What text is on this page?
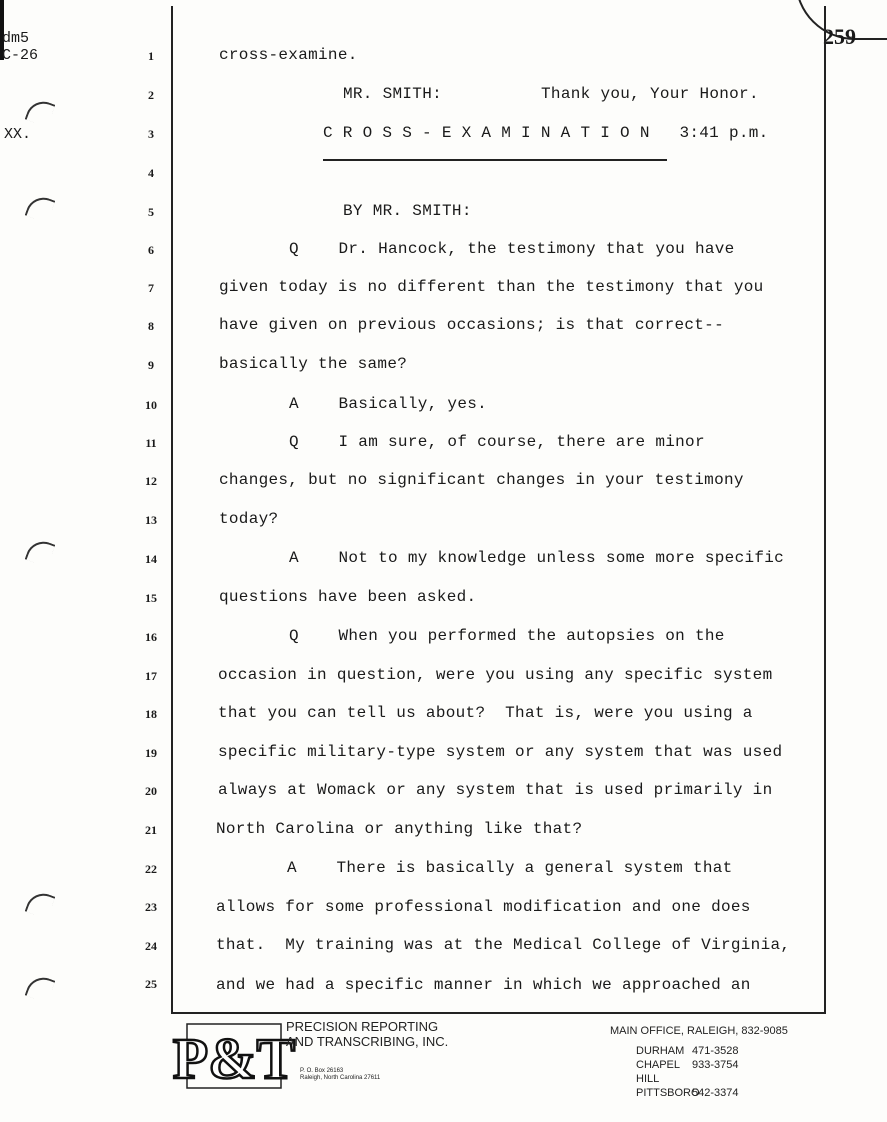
dm5
C-26
XX.
259
1
2
3
4
5
6
7
8
9
10
11
12
13
14
15
16
17
18
19
20
21
22
23
24
25
cross-examine.
MR. SMITH:          Thank you, Your Honor.
C R O S S - E X A M I N A T I O N   3:41 p.m.
BY MR. SMITH:
Q    Dr. Hancock, the testimony that you have
given today is no different than the testimony that you
have given on previous occasions; is that correct--
basically the same?
A    Basically, yes.
Q    I am sure, of course, there are minor
changes, but no significant changes in your testimony
today?
A    Not to my knowledge unless some more specific
questions have been asked.
Q    When you performed the autopsies on the
occasion in question, were you using any specific system
that you can tell us about?  That is, were you using a
specific military-type system or any system that was used
always at Womack or any system that is used primarily in
North Carolina or anything like that?
A    There is basically a general system that
allows for some professional modification and one does
that.  My training was at the Medical College of Virginia,
and we had a specific manner in which we approached an
P&T
PRECISION REPORTING
AND TRANSCRIBING, INC.
P. O. Box 26163
Raleigh, North Carolina 27611
MAIN OFFICE, RALEIGH, 832-9085
DURHAM 471-3528
CHAPEL HILL
933-3754
PITTSBORO
542-3374
